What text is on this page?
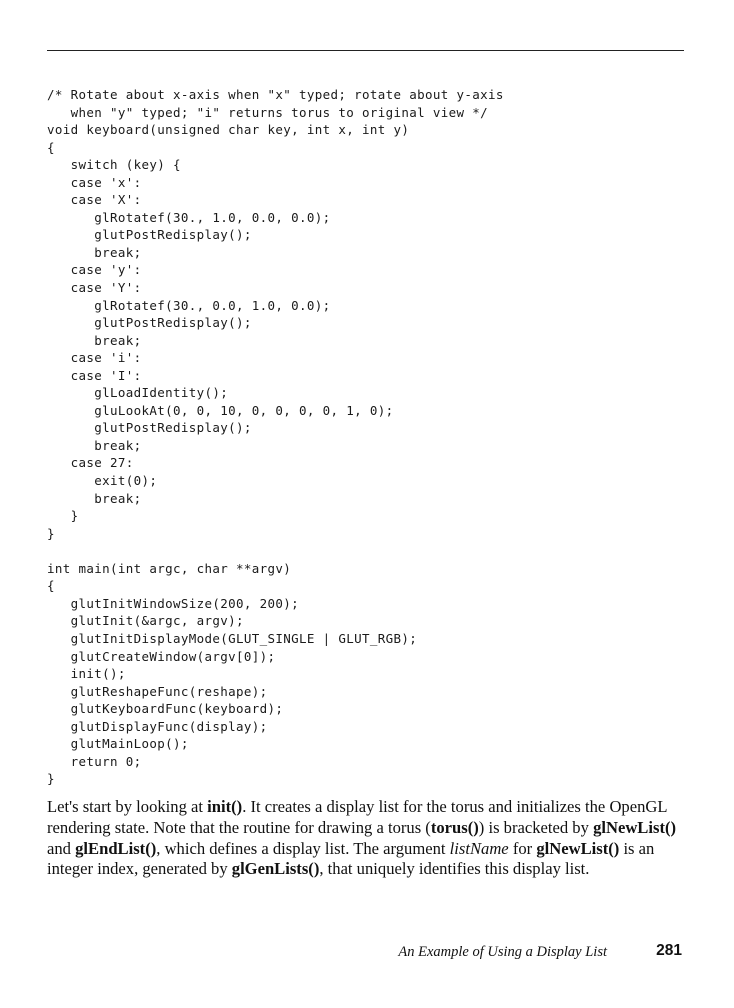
/* Rotate about x-axis when "x" typed; rotate about y-axis
when "y" typed; "i" returns torus to original view */
void keyboard(unsigned char key, int x, int y)
{
switch (key) {
case 'x':
case 'X':
glRotatef(30., 1.0, 0.0, 0.0);
glutPostRedisplay();
break;
case 'y':
case 'Y':
glRotatef(30., 0.0, 1.0, 0.0);
glutPostRedisplay();
break;
case 'i':
case 'I':
glLoadIdentity();
gluLookAt(0, 0, 10, 0, 0, 0, 0, 1, 0);
glutPostRedisplay();
break;
case 27:
exit(0);
break;
}
}
int main(int argc, char **argv)
{
glutInitWindowSize(200, 200);
glutInit(&argc, argv);
glutInitDisplayMode(GLUT_SINGLE | GLUT_RGB);
glutCreateWindow(argv[0]);
init();
glutReshapeFunc(reshape);
glutKeyboardFunc(keyboard);
glutDisplayFunc(display);
glutMainLoop();
return 0;
}

Let's start by looking at init(). It creates a display list for the torus and initializes the OpenGL rendering state. Note that the routine for drawing a torus (torus()) is bracketed by glNewList() and glEndList(), which defines a display list. The argument listName for glNewList() is an integer index, generated by glGenLists(), that uniquely identifies this display list.

An Example of Using a Display List	281
